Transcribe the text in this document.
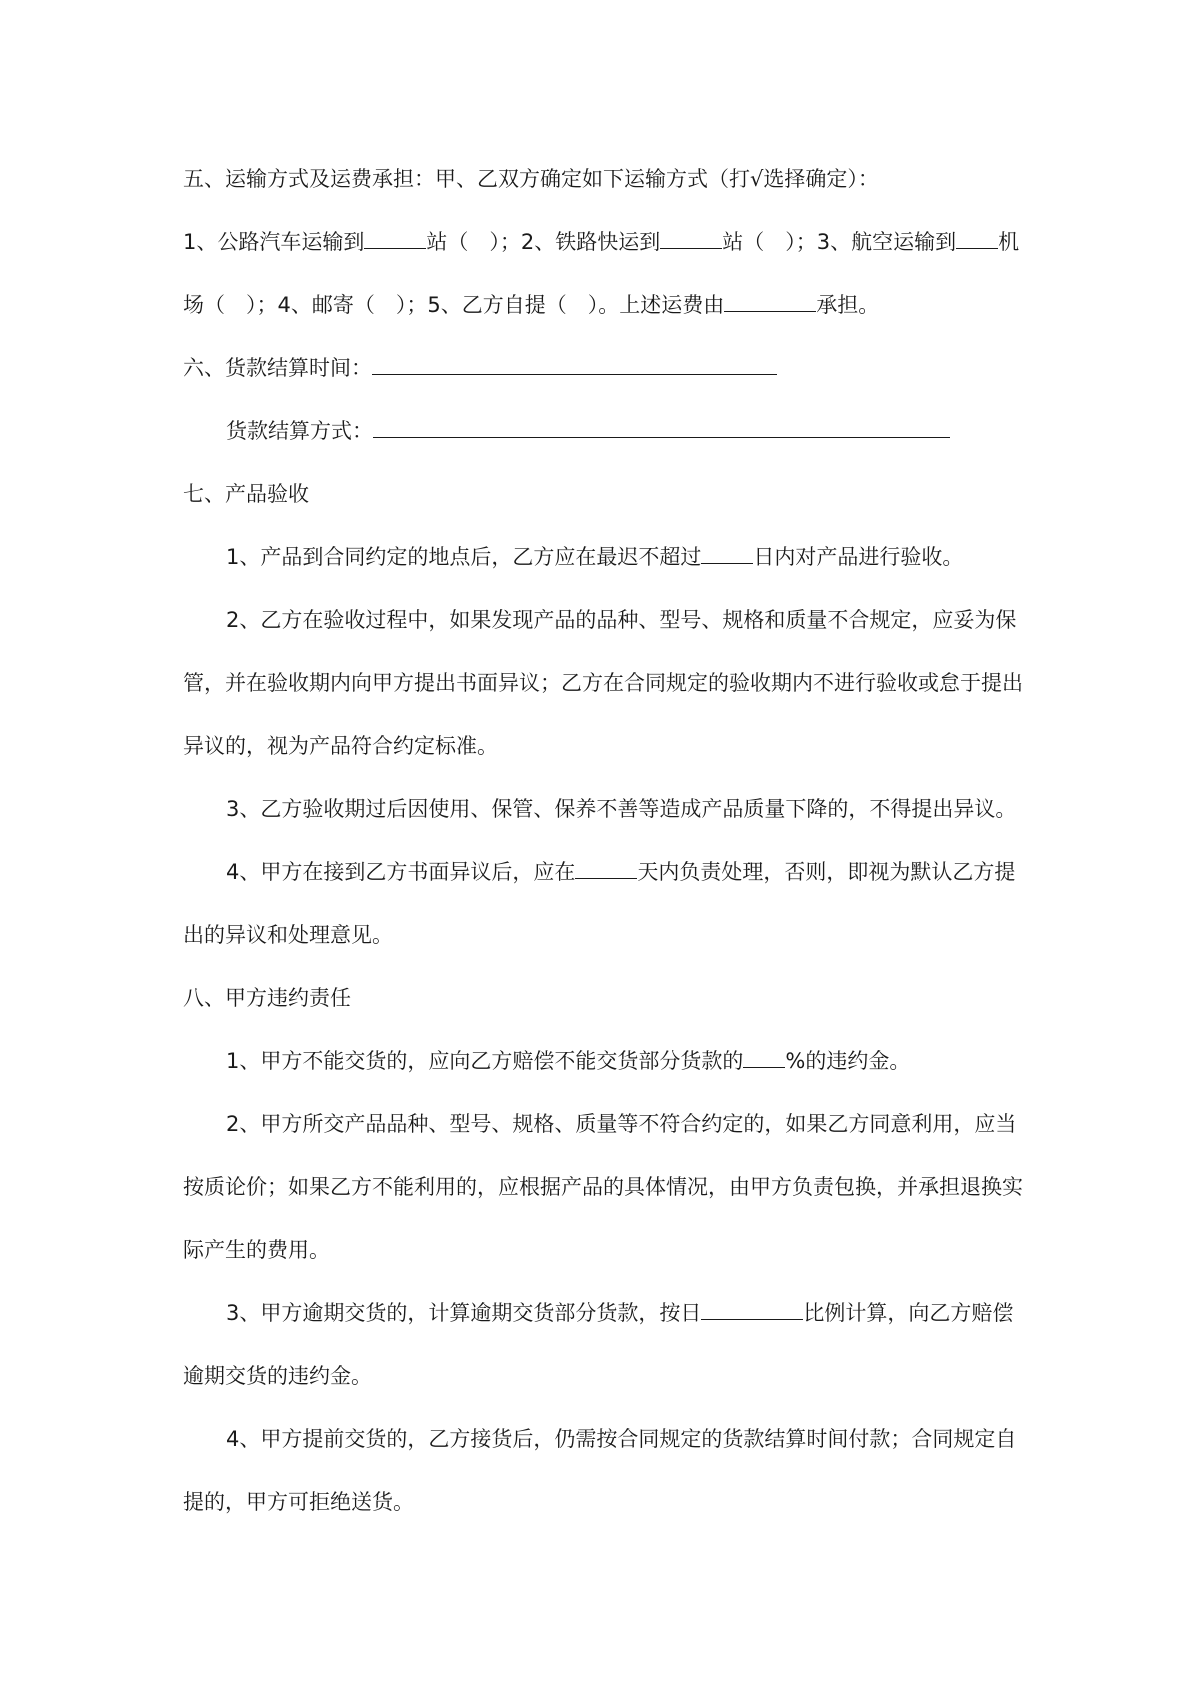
五、运输方式及运费承担：甲、乙双方确定如下运输方式（打√选择确定）：
1、公路汽车运输到	站（　）；2、铁路快运到	站（　）；3、航空运输到 机
场（　）；4、邮寄（　）；5、乙方自提（　）。上述运费由	承担。
六、货款结算时间：
货款结算方式：
七、产品验收
1、产品到合同约定的地点后，乙方应在最迟不超过 日内对产品进行验收。
2、乙方在验收过程中，如果发现产品的品种、型号、规格和质量不合规定，应妥为保
管，并在验收期内向甲方提出书面异议；乙方在合同规定的验收期内不进行验收或怠于提出
异议的，视为产品符合约定标准。
3、乙方验收期过后因使用、保管、保养不善等造成产品质量下降的，不得提出异议。
4、甲方在接到乙方书面异议后，应在	天内负责处理，否则，即视为默认乙方提
出的异议和处理意见。
八、甲方违约责任
1、甲方不能交货的，应向乙方赔偿不能交货部分货款的 %的违约金。
2、甲方所交产品品种、型号、规格、质量等不符合约定的，如果乙方同意利用，应当
按质论价；如果乙方不能利用的，应根据产品的具体情况，由甲方负责包换，并承担退换实
际产生的费用。
3、甲方逾期交货的，计算逾期交货部分货款，按日	比例计算，向乙方赔偿
逾期交货的违约金。
4、甲方提前交货的，乙方接货后，仍需按合同规定的货款结算时间付款；合同规定自
提的，甲方可拒绝送货。
